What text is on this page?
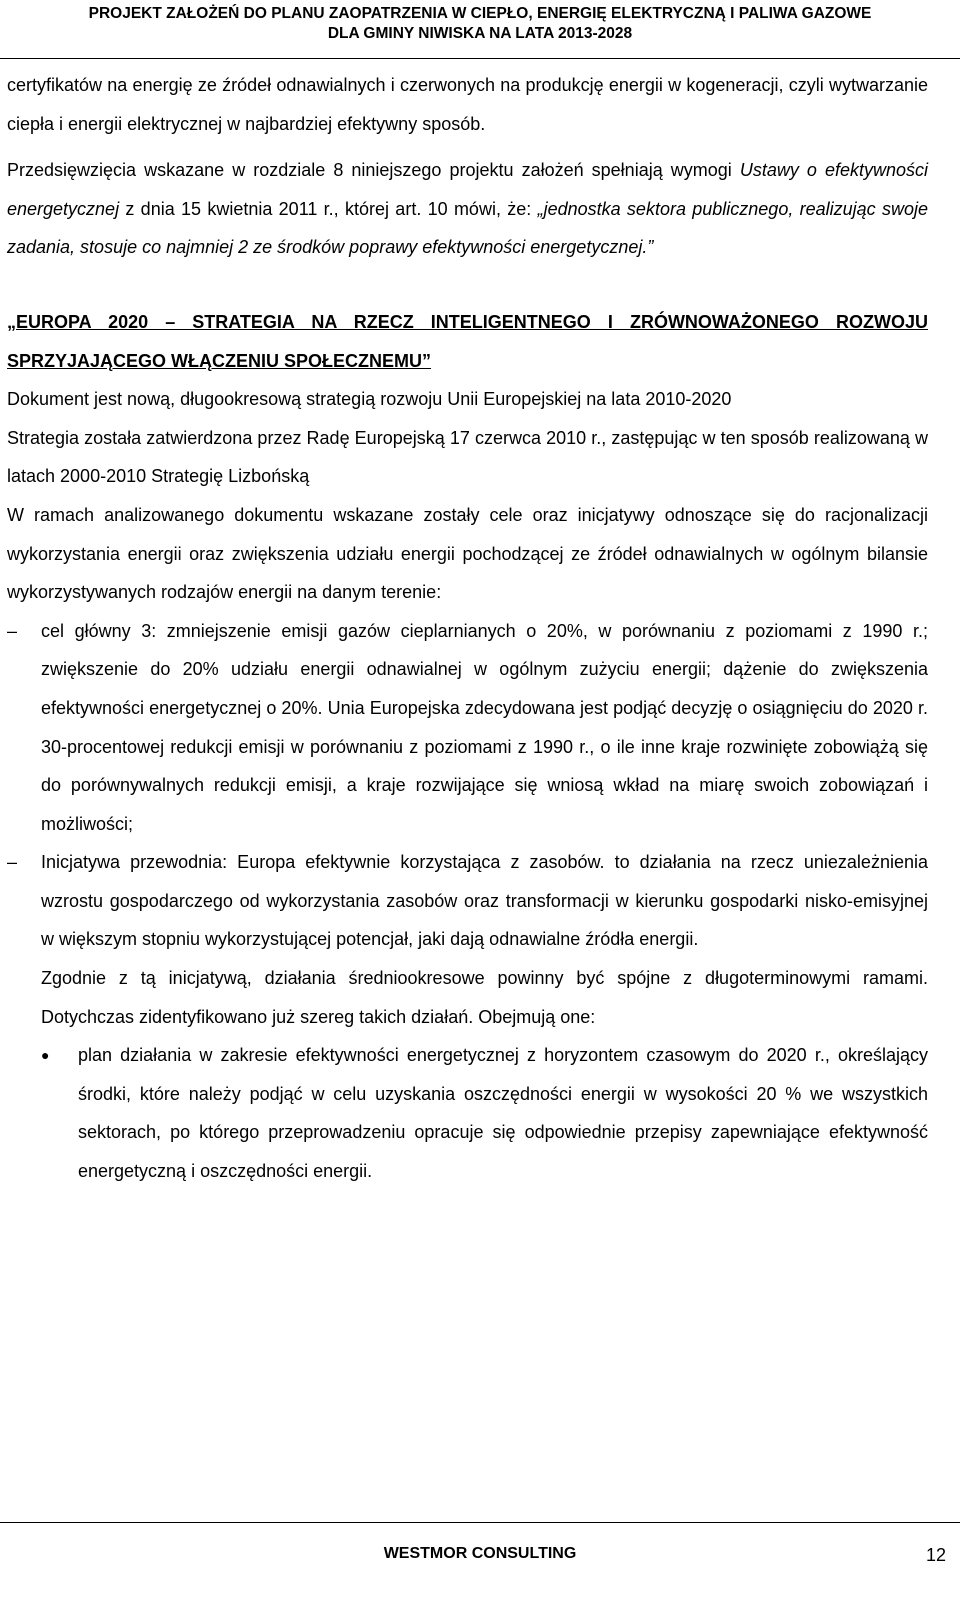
PROJEKT ZAŁOŻEŃ DO PLANU ZAOPATRZENIA W CIEPŁO, ENERGIĘ ELEKTRYCZNĄ I PALIWA GAZOWE
DLA GMINY NIWISKA NA LATA 2013-2028

certyfikatów na energię ze źródeł odnawialnych i czerwonych na produkcję energii w kogeneracji, czyli wytwarzanie ciepła i energii elektrycznej w najbardziej efektywny sposób.

Przedsięwzięcia wskazane w rozdziale 8 niniejszego projektu założeń spełniają wymogi Ustawy o efektywności energetycznej z dnia 15 kwietnia 2011 r., której art. 10 mówi, że: „jednostka sektora publicznego, realizując swoje zadania, stosuje co najmniej 2 ze środków poprawy efektywności energetycznej.”

„EUROPA 2020 – STRATEGIA NA RZECZ INTELIGENTNEGO I ZRÓWNOWAŻONEGO ROZWOJU SPRZYJAJĄCEGO WŁĄCZENIU SPOŁECZNEMU”

Dokument jest nową, długookresową strategią rozwoju Unii Europejskiej na lata 2010-2020

Strategia została zatwierdzona przez Radę Europejską 17 czerwca 2010 r., zastępując w ten sposób realizowaną w latach 2000-2010 Strategię Lizbońską

W ramach analizowanego dokumentu wskazane zostały cele oraz inicjatywy odnoszące się do racjonalizacji wykorzystania energii oraz zwiększenia udziału energii pochodzącej ze źródeł odnawialnych w ogólnym bilansie wykorzystywanych rodzajów energii na danym terenie:

–	cel główny 3: zmniejszenie emisji gazów cieplarnianych o 20%, w porównaniu z poziomami z 1990 r.; zwiększenie do 20% udziału energii odnawialnej w ogólnym zużyciu energii; dążenie do zwiększenia efektywności energetycznej o 20%. Unia Europejska zdecydowana jest podjąć decyzję o osiągnięciu do 2020 r. 30-procentowej redukcji emisji w porównaniu z poziomami z 1990 r., o ile inne kraje rozwinięte zobowiążą się do porównywalnych redukcji emisji, a kraje rozwijające się wniosą wkład na miarę swoich zobowiązań i możliwości;
–	Inicjatywa przewodnia: Europa efektywnie korzystająca z zasobów. to działania na rzecz uniezależnienia wzrostu gospodarczego od wykorzystania zasobów oraz transformacji w kierunku gospodarki nisko-emisyjnej w większym stopniu wykorzystującej potencjał, jaki dają odnawialne źródła energii.

Zgodnie z tą inicjatywą, działania średniookresowe powinny być spójne z długoterminowymi ramami. Dotychczas zidentyfikowano już szereg takich działań. Obejmują one:

● plan działania w zakresie efektywności energetycznej z horyzontem czasowym do 2020 r., określający środki, które należy podjąć w celu uzyskania oszczędności energii w wysokości 20 % we wszystkich sektorach, po którego przeprowadzeniu opracuje się odpowiednie przepisy zapewniające efektywność energetyczną i oszczędności energii.
WESTMOR CONSULTING	12
